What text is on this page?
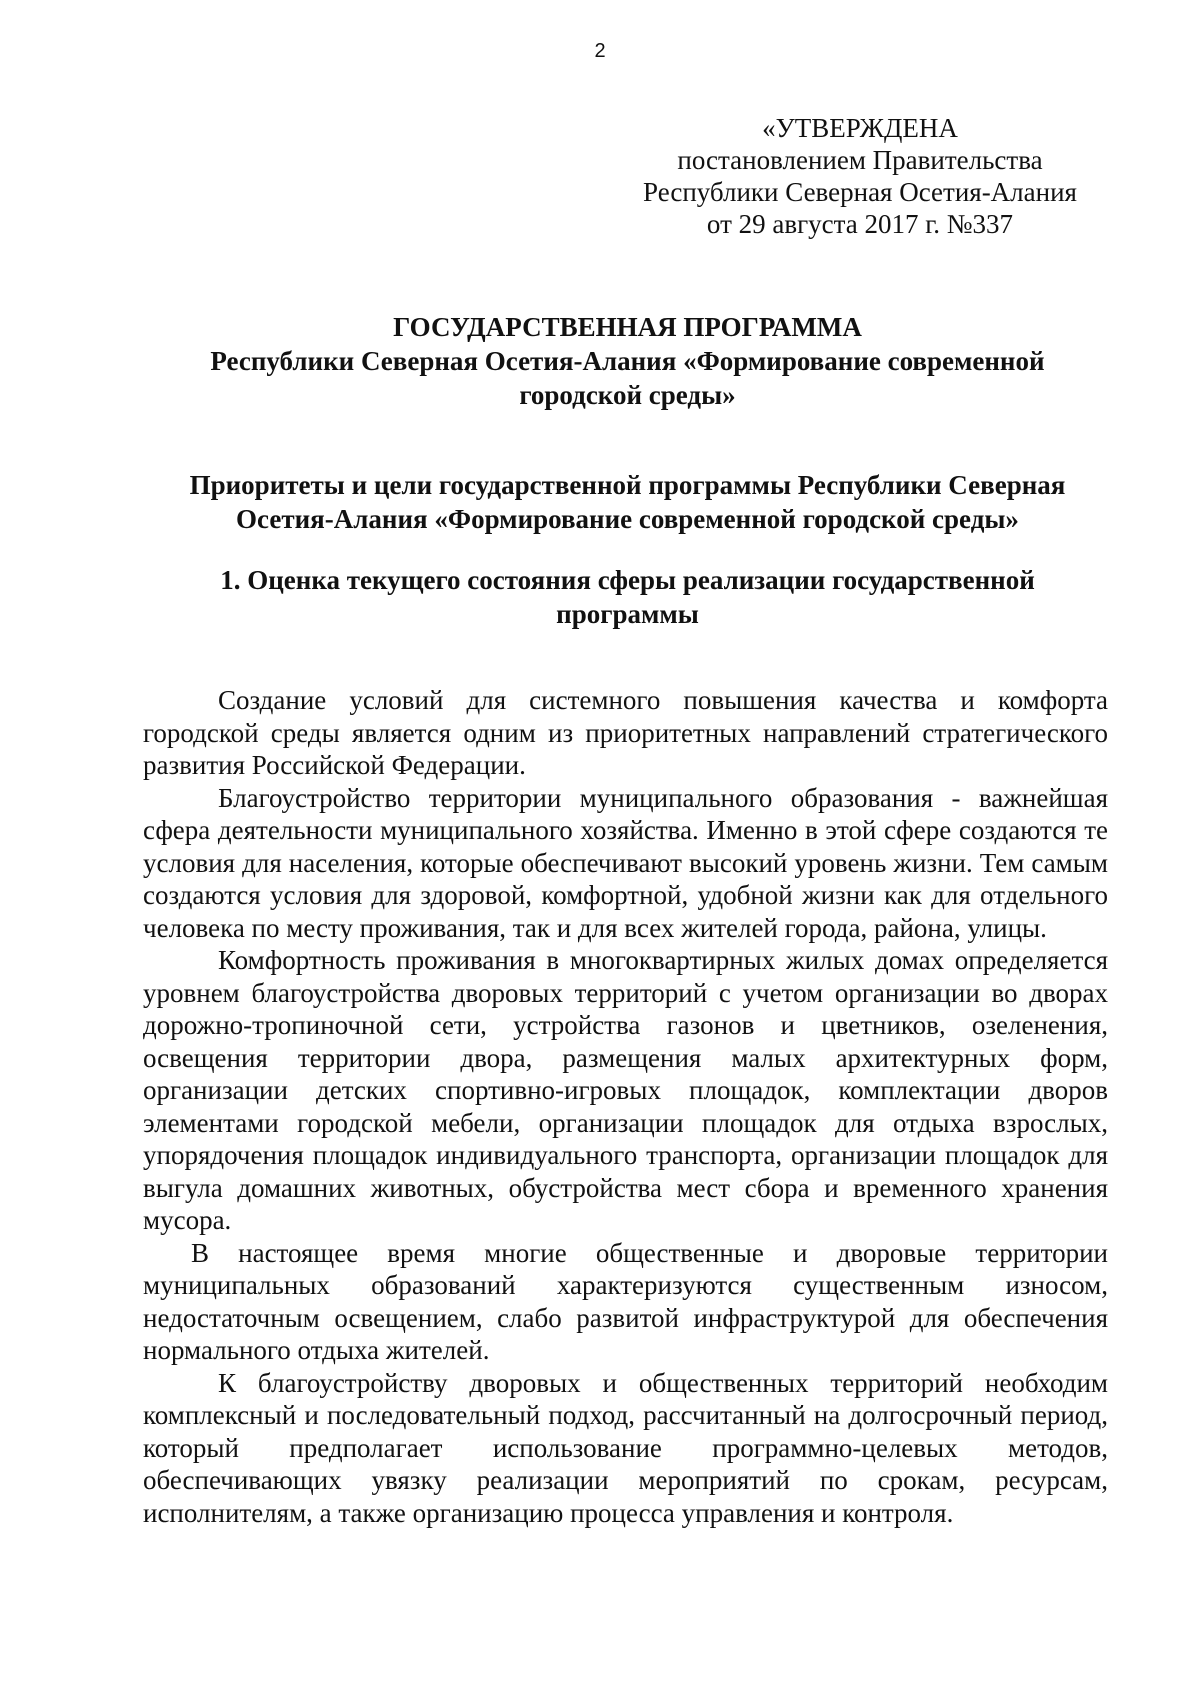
2
«УТВЕРЖДЕНА
постановлением Правительства
Республики Северная Осетия-Алания
от 29 августа 2017 г. №337
ГОСУДАРСТВЕННАЯ ПРОГРАММА
Республики Северная Осетия-Алания «Формирование современной городской среды»
Приоритеты и цели государственной программы Республики Северная Осетия-Алания «Формирование современной городской среды»
1. Оценка текущего состояния сферы реализации государственной программы

Создание условий для системного повышения качества и комфорта городской среды является одним из приоритетных направлений стратегического развития Российской Федерации.

Благоустройство территории муниципального образования - важнейшая сфера деятельности муниципального хозяйства. Именно в этой сфере создаются те условия для населения, которые обеспечивают высокий уровень жизни. Тем самым создаются условия для здоровой, комфортной, удобной жизни как для отдельного человека по месту проживания, так и для всех жителей города, района, улицы.

Комфортность проживания в многоквартирных жилых домах определяется уровнем благоустройства дворовых территорий с учетом организации во дворах дорожно-тропиночной сети, устройства газонов и цветников, озеленения, освещения территории двора, размещения малых архитектурных форм, организации детских спортивно-игровых площадок, комплектации дворов элементами городской мебели, организации площадок для отдыха взрослых, упорядочения площадок индивидуального транспорта, организации площадок для выгула домашних животных, обустройства мест сбора и временного хранения мусора.

В настоящее время многие общественные и дворовые территории муниципальных образований характеризуются существенным износом, недостаточным освещением, слабо развитой инфраструктурой для обеспечения нормального отдыха жителей.

К благоустройству дворовых и общественных территорий необходим комплексный и последовательный подход, рассчитанный на долгосрочный период, который предполагает использование программно-целевых методов, обеспечивающих увязку реализации мероприятий по срокам, ресурсам, исполнителям, а также организацию процесса управления и контроля.
